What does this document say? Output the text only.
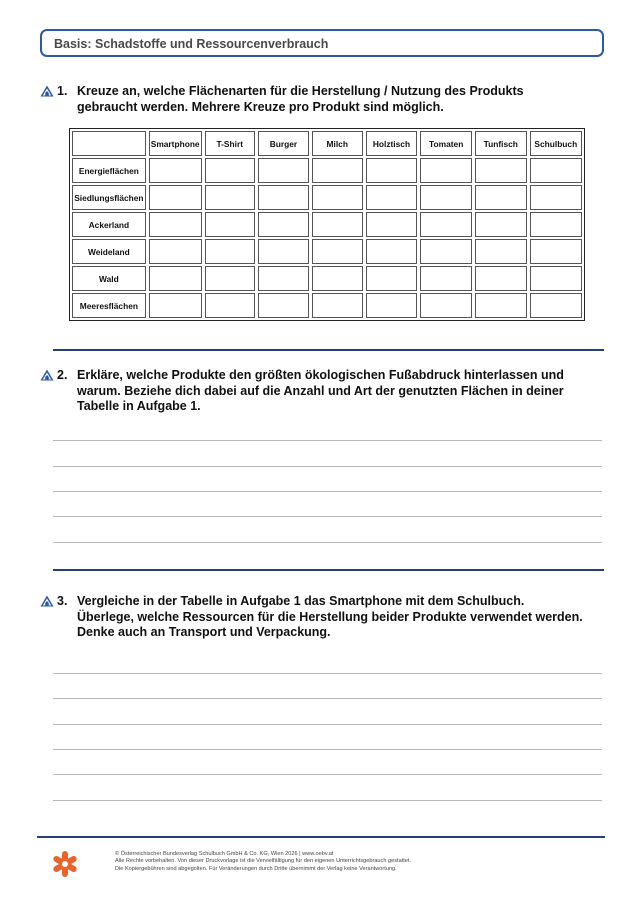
Basis: Schadstoffe und Ressourcenverbrauch
1. Kreuze an, welche Flächenarten für die Herstellung / Nutzung des Produkts
gebraucht werden. Mehrere Kreuze pro Produkt sind möglich.
	Smartphone	T-Shirt	Burger	Milch	Holztisch	Tomaten	Tunfisch	Schulbuch
Energieflächen								
Siedlungsflächen								
Ackerland								
Weideland								
Wald								
Meeresflächen								
2. Erkläre, welche Produkte den größten ökologischen Fußabdruck hinterlassen und
warum. Beziehe dich dabei auf die Anzahl und Art der genutzten Flächen in deiner
Tabelle in Aufgabe 1.
3. Vergleiche in der Tabelle in Aufgabe 1 das Smartphone mit dem Schulbuch.
Überlege, welche Ressourcen für die Herstellung beider Produkte verwendet werden.
Denke auch an Transport und Verpackung.
© Österreichischer Bundesverlag Schulbuch GmbH & Co. KG, Wien 2026 | www.oebv.at
Alle Rechte vorbehalten. Von dieser Druckvorlage ist die Vervielfältigung für den eigenen Unterrichtsgebrauch gestattet.
Die Kopiergebühren sind abgegolten. Für Veränderungen durch Dritte übernimmt der Verlag keine Verantwortung.
